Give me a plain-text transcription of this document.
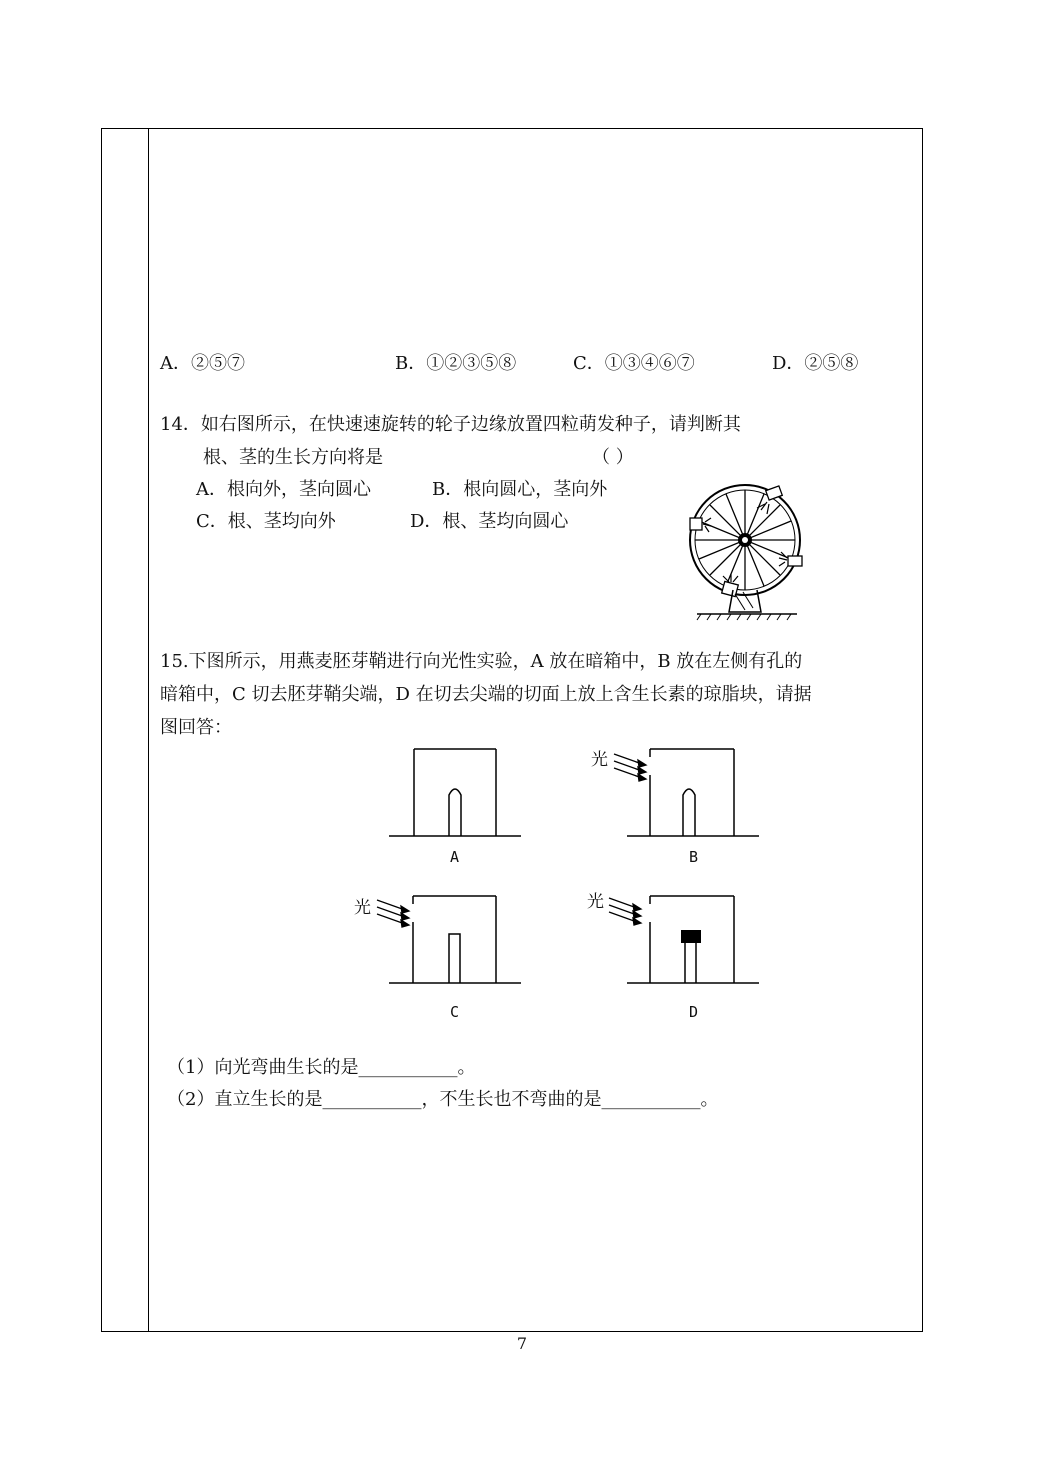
A．②⑤⑦	B．①②③⑤⑧	C．①③④⑥⑦	D．②⑤⑧
14．如右图所示，在快速速旋转的轮子边缘放置四粒萌发种子，请判断其
根、茎的生长方向将是	（ ）
A．根向外，茎向圆心	B．根向圆心，茎向外
C．根、茎均向外	D．根、茎均向圆心
15.下图所示，用燕麦胚芽鞘进行向光性实验，A 放在暗箱中，B 放在左侧有孔的
暗箱中，C 切去胚芽鞘尖端，D 在切去尖端的切面上放上含生长素的琼脂块，请据
图回答：
A
光
B
光
C
光
D
（1）向光弯曲生长的是___________。
（2）直立生长的是___________，不生长也不弯曲的是___________。
7
